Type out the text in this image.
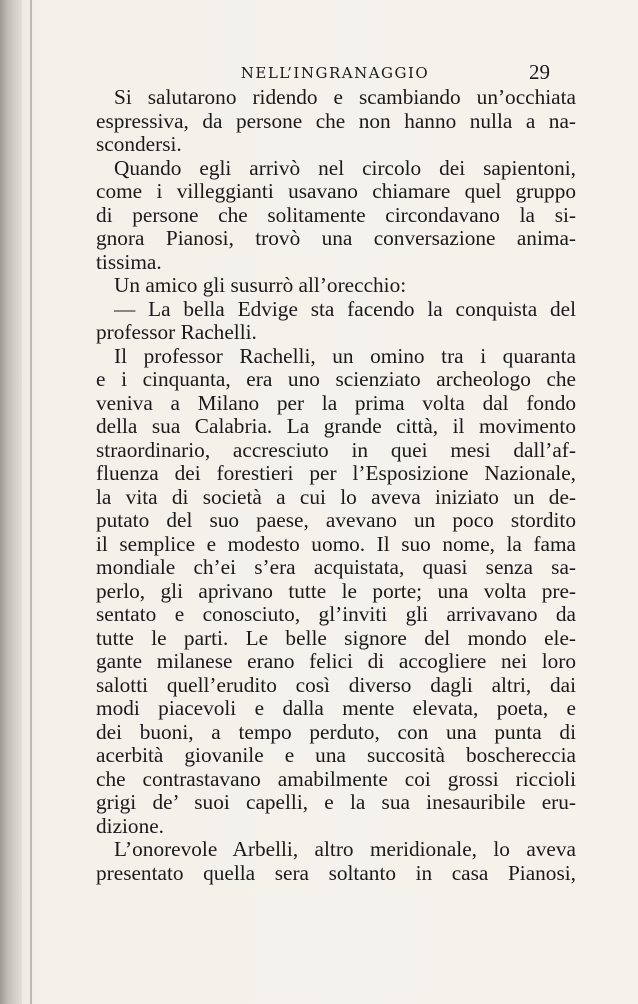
NELL’INGRANAGGIO	29
Si salutarono ridendo e scambiando un’occhiata
espressiva, da persone che non hanno nulla a na-
scondersi.
Quando egli arrivò nel circolo dei sapientoni,
come i villeggianti usavano chiamare quel gruppo
di persone che solitamente circondavano la si-
gnora Pianosi, trovò una conversazione anima-
tissima.
Un amico gli susurrò all’orecchio:
— La bella Edvige sta facendo la conquista del
professor Rachelli.
Il professor Rachelli, un omino tra i quaranta
e i cinquanta, era uno scienziato archeologo che
veniva a Milano per la prima volta dal fondo
della sua Calabria. La grande città, il movimento
straordinario, accresciuto in quei mesi dall’af-
fluenza dei forestieri per l’Esposizione Nazionale,
la vita di società a cui lo aveva iniziato un de-
putato del suo paese, avevano un poco stordito
il semplice e modesto uomo. Il suo nome, la fama
mondiale ch’ei s’era acquistata, quasi senza sa-
perlo, gli aprivano tutte le porte; una volta pre-
sentato e conosciuto, gl’inviti gli arrivavano da
tutte le parti. Le belle signore del mondo ele-
gante milanese erano felici di accogliere nei loro
salotti quell’erudito così diverso dagli altri, dai
modi piacevoli e dalla mente elevata, poeta, e
dei buoni, a tempo perduto, con una punta di
acerbità giovanile e una succosità boschereccia
che contrastavano amabilmente coi grossi riccioli
grigi de’ suoi capelli, e la sua inesauribile eru-
dizione.
L’onorevole Arbelli, altro meridionale, lo aveva
presentato quella sera soltanto in casa Pianosi,
